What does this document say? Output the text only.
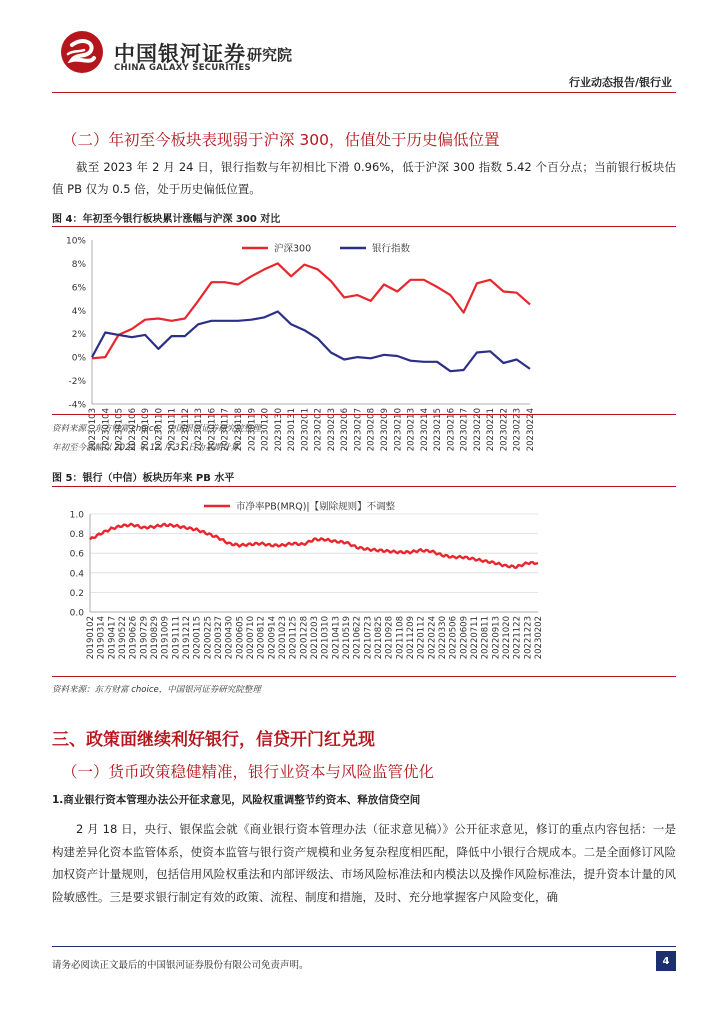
中国银河证券
CHINA GALAXY SECURITIES
研究院
行业动态报告/银行业
（二）年初至今板块表现弱于沪深 300，估值处于历史偏低位置
截至 2023 年 2 月 24 日，银行指数与年初相比下滑 0.96%，低于沪深 300 指数 5.42 个百分点；当前银行板块估值 PB 仅为 0.5 倍，处于历史偏低位置。
图 4：年初至今银行板块累计涨幅与沪深 300 对比
10%
8%
6%
4%
2%
0%
-2%
-4%
20230103 20230104 20230105 20230106 20230109 20230110 20230111 20230112 20230113 20230116 20230117 20230118 20230119 20230120 20230130 20230131 20230201 20230202 20230203 20230206 20230207 20230208 20230209 20230210 20230213 20230214 20230215 20230216 20230217 20230220 20230221 20230222 20230223 20230224
沪深300	银行指数
资料来源：东方财富 choice，中国银河证券研究院整理
年初至今涨幅以 2022 年 12 月 31 日为基期计算
图 5：银行（中信）板块历年来 PB 水平
1.0
0.8
0.6
0.4
0.2
0.0
20190102 20190314 20190417 20190522 20190626 20190729 20190829 20191009 20191111 20191212 20200115 20200225 20200327 20200430 20200605 20200710 20200812 20200914 20201023 20201125 20201228 20210203 20210310 20210413 20210519 20210622 20210723 20210825 20210928 20211108 20211209 20220112 20220224 20220330 20220506 20220609 20220711 20220811 20220913 20221020 20221122 20221223 20230202
市净率PB(MRQ)|【剔除规则】不调整
资料来源：东方财富 choice，中国银河证券研究院整理
三、政策面继续利好银行，信贷开门红兑现
（一）货币政策稳健精准，银行业资本与风险监管优化
1.商业银行资本管理办法公开征求意见，风险权重调整节约资本、释放信贷空间
2 月 18 日，央行、银保监会就《商业银行资本管理办法（征求意见稿）》公开征求意见，修订的重点内容包括：一是构建差异化资本监管体系，使资本监管与银行资产规模和业务复杂程度相匹配，降低中小银行合规成本。二是全面修订风险加权资产计量规则，包括信用风险权重法和内部评级法、市场风险标准法和内模法以及操作风险标准法，提升资本计量的风险敏感性。三是要求银行制定有效的政策、流程、制度和措施，及时、充分地掌握客户风险变化，确
请务必阅读正文最后的中国银河证券股份有限公司免责声明。	4
